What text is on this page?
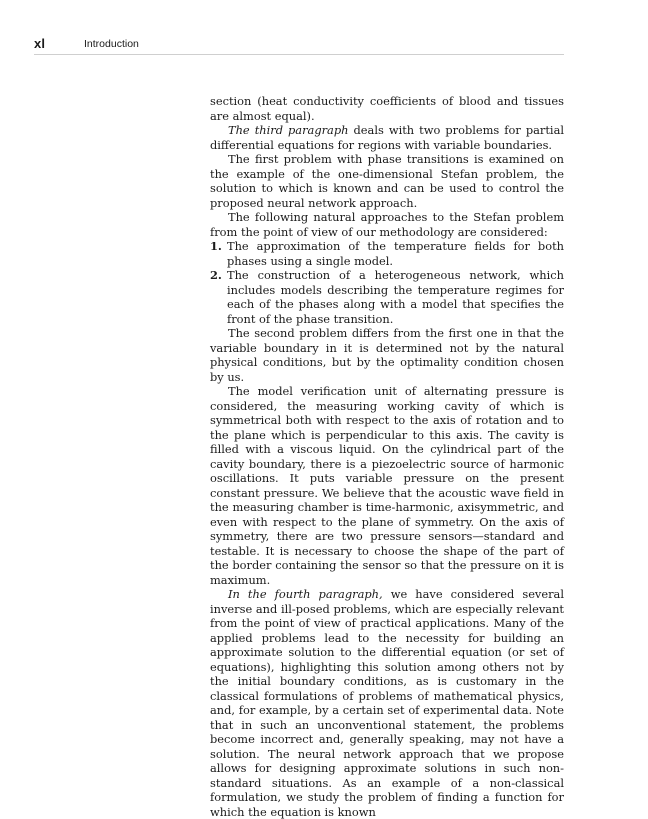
xl	Introduction

section (heat conductivity coefficients of blood and tissues are almost equal).

The third paragraph deals with two problems for partial differential equations for regions with variable boundaries.

The first problem with phase transitions is examined on the example of the one-dimensional Stefan problem, the solution to which is known and can be used to control the proposed neural network approach.

The following natural approaches to the Stefan problem from the point of view of our methodology are considered:

1. The approximation of the temperature fields for both phases using a single model.
2. The construction of a heterogeneous network, which includes models describing the temperature regimes for each of the phases along with a model that specifies the front of the phase transition.

The second problem differs from the first one in that the variable boundary in it is determined not by the natural physical conditions, but by the optimality condition chosen by us.

The model verification unit of alternating pressure is considered, the measuring working cavity of which is symmetrical both with respect to the axis of rotation and to the plane which is perpendicular to this axis. The cavity is filled with a viscous liquid. On the cylindrical part of the cavity boundary, there is a piezoelectric source of harmonic oscillations. It puts variable pressure on the present constant pressure. We believe that the acoustic wave field in the measuring chamber is time-harmonic, axisymmetric, and even with respect to the plane of symmetry. On the axis of symmetry, there are two pressure sensors—standard and testable. It is necessary to choose the shape of the part of the border containing the sensor so that the pressure on it is maximum.

In the fourth paragraph, we have considered several inverse and ill-posed problems, which are especially relevant from the point of view of practical applications. Many of the applied problems lead to the necessity for building an approximate solution to the differential equation (or set of equations), highlighting this solution among others not by the initial boundary conditions, as is customary in the classical formulations of problems of mathematical physics, and, for example, by a certain set of experimental data. Note that in such an unconventional statement, the problems become incorrect and, generally speaking, may not have a solution. The neural network approach that we propose allows for designing approximate solutions in such non-standard situations. As an example of a non-classical formulation, we study the problem of finding a function for which the equation is known
